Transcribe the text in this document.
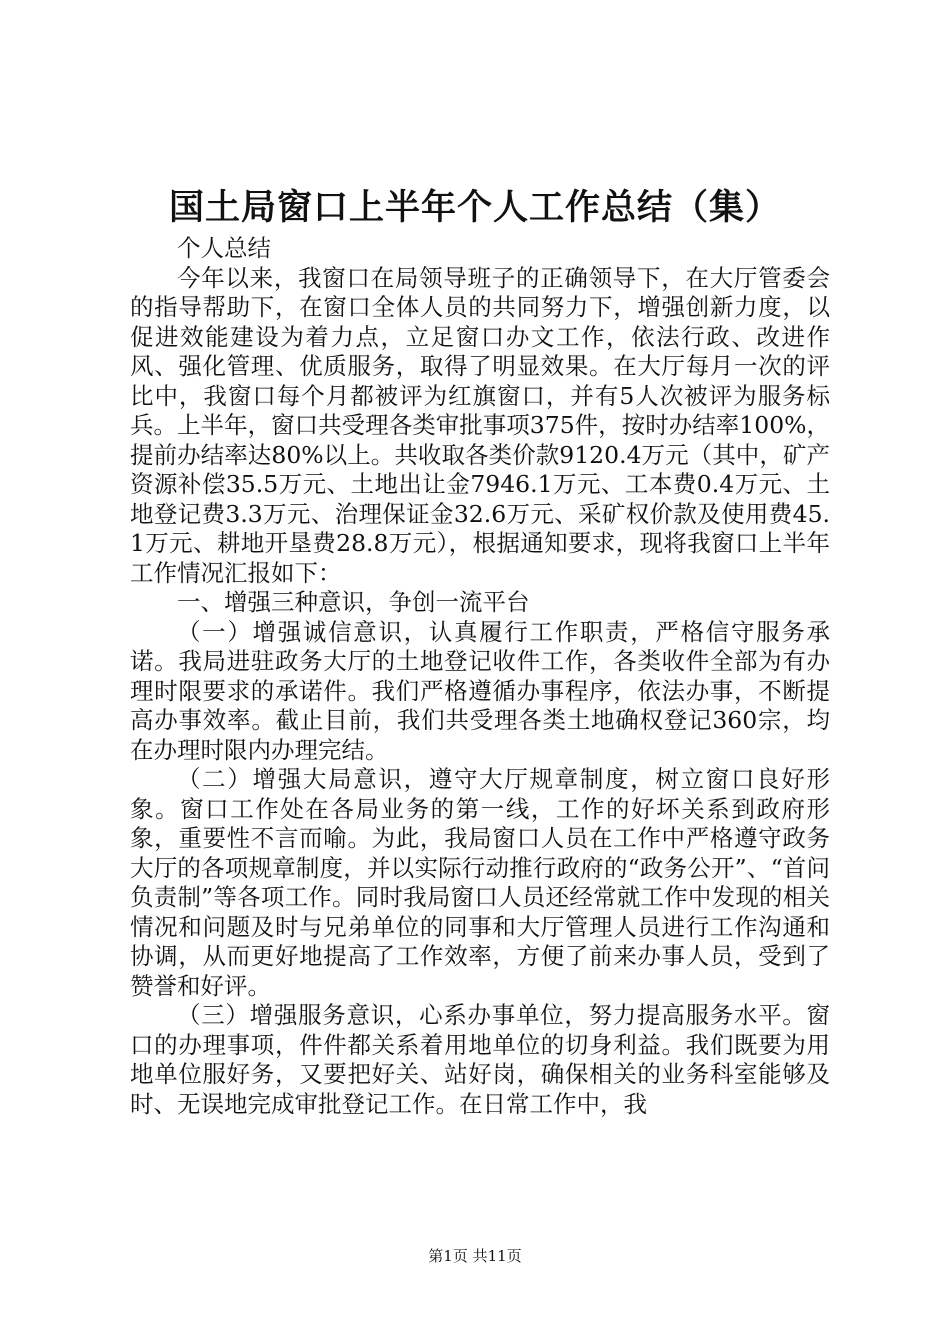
国土局窗口上半年个人工作总结（集）

个人总结

今年以来，我窗口在局领导班子的正确领导下，在大厅管委会的指导帮助下，在窗口全体人员的共同努力下，增强创新力度，以促进效能建设为着力点，立足窗口办文工作，依法行政、改进作风、强化管理、优质服务，取得了明显效果。在大厅每月一次的评比中，我窗口每个月都被评为红旗窗口，并有5人次被评为服务标兵。上半年，窗口共受理各类审批事项375件，按时办结率100%，提前办结率达80%以上。共收取各类价款9120.4万元（其中，矿产资源补偿35.5万元、土地出让金7946.1万元、工本费0.4万元、土地登记费3.3万元、治理保证金32.6万元、采矿权价款及使用费45.1万元、耕地开垦费28.8万元），根据通知要求，现将我窗口上半年工作情况汇报如下：

一、增强三种意识，争创一流平台

（一）增强诚信意识，认真履行工作职责，严格信守服务承诺。我局进驻政务大厅的土地登记收件工作，各类收件全部为有办理时限要求的承诺件。我们严格遵循办事程序，依法办事，不断提高办事效率。截止目前，我们共受理各类土地确权登记360宗，均在办理时限内办理完结。

（二）增强大局意识，遵守大厅规章制度，树立窗口良好形象。窗口工作处在各局业务的第一线，工作的好坏关系到政府形象，重要性不言而喻。为此，我局窗口人员在工作中严格遵守政务大厅的各项规章制度，并以实际行动推行政府的“政务公开”、“首问负责制”等各项工作。同时我局窗口人员还经常就工作中发现的相关情况和问题及时与兄弟单位的同事和大厅管理人员进行工作沟通和协调，从而更好地提高了工作效率，方便了前来办事人员，受到了赞誉和好评。

（三）增强服务意识，心系办事单位，努力提高服务水平。窗口的办理事项，件件都关系着用地单位的切身利益。我们既要为用地单位服好务，又要把好关、站好岗，确保相关的业务科室能够及时、无误地完成审批登记工作。在日常工作中，我

第1页 共11页
